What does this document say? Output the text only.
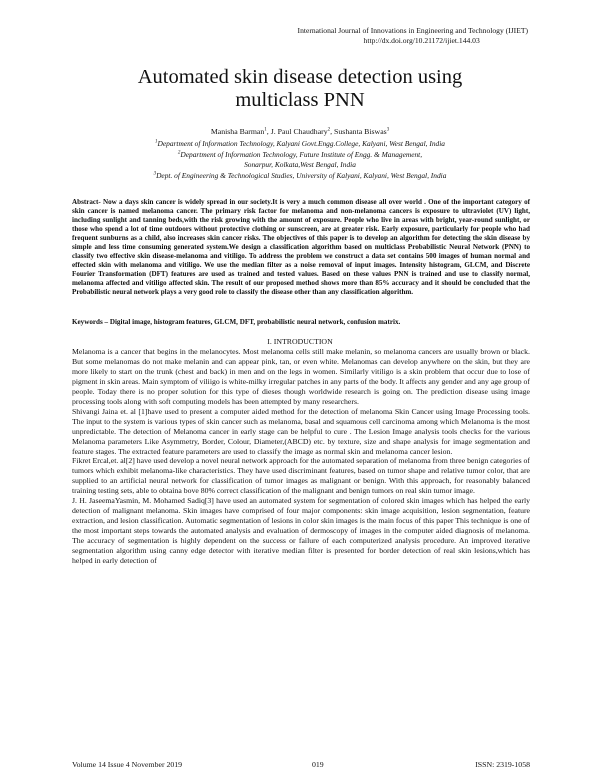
International Journal of Innovations in Engineering and Technology (IJIET)
http://dx.doi.org/10.21172/ijiet.144.03
Automated skin disease detection using
multiclass PNN
Manisha Barman$^1$, J. Paul Chaudhary$^2$, Sushanta Biswas$^3$
$^1$Department of Information Technology, Kalyani Govt.Engg.College, Kalyani, West Bengal, India
$^2$Department of Information Technology, Future Institute of Engg. & Management,
Sonarpur, Kolkata,West Bengal, India
$^3$Dept. of Engineering & Technological Studies, University of Kalyani, Kalyani, West Bengal, India
Abstract- Now a days skin cancer is widely spread in our society.It is very a much common disease all over world . One of the important category of skin cancer is named melanoma cancer. The primary risk factor for melanoma and non-melanoma cancers is exposure to ultraviolet (UV) light, including sunlight and tanning beds,with the risk growing with the amount of exposure. People who live in areas with bright, year-round sunlight, or those who spend a lot of time outdoors without protective clothing or sunscreen, are at greater risk. Early exposure, particularly for people who had frequent sunburns as a child, also increases skin cancer risks. The objectives of this paper is to develop an algorithm for detecting the skin disease by simple and less time consuming generated system.We design a classification algorithm based on multiclass Probabilistic Neural Network (PNN) to classify two effective skin disease-melanoma and vitiligo. To address the problem we construct a data set contains 500 images of human normal and effected skin with melanoma and vitiligo. We use the median filter as a noise removal of input images. Intensity histogram, GLCM, and Discrete Fourier Transformation (DFT) features are used as trained and tested values. Based on these values PNN is trained and use to classify normal, melanoma affected and vitiligo affected skin. The result of our proposed method shows more than 85% accuracy and it should be concluded that the Probabilistic neural network plays a very good role to classify the disease other than any classification algorithm.
Keywords – Digital image, histogram features, GLCM, DFT, probabilistic neural network, confusion matrix.
I. INTRODUCTION

Melanoma is a cancer that begins in the melanocytes. Most melanoma cells still make melanin, so melanoma cancers are usually brown or black. But some melanomas do not make melanin and can appear pink, tan, or even white. Melanomas can develop anywhere on the skin, but they are more likely to start on the trunk (chest and back) in men and on the legs in women. Similarly vitiligo is a skin problem that occur due to lose of pigment in skin areas. Main symptom of viliigo is white-milky irregular patches in any parts of the body. It affects any gender and any age group of people. Today there is no proper solution for this type of dieses though worldwide research is going on. The prediction disease using image processing tools along with soft computing models has been attempted by many researchers.

Shivangi Jaina et. al [1]have used to present a computer aided method for the detection of melanoma Skin Cancer using Image Processing tools. The input to the system is various types of skin cancer such as melanoma, basal and squamous cell carcinoma among which Melanoma is the most unpredictable. The detection of Melanoma cancer in early stage can be helpful to cure . The Lesion Image analysis tools checks for the various Melanoma parameters Like Asymmetry, Border, Colour, Diameter,(ABCD) etc. by texture, size and shape analysis for image segmentation and feature stages. The extracted feature parameters are used to classify the image as normal skin and melanoma cancer lesion.

Fikret Ercal,et. al[2] have used develop a novel neural network approach for the automated separation of melanoma from three benign categories of tumors which exhibit melanoma-like characteristics. They have used discriminant features, based on tumor shape and relative tumor color, that are supplied to an artificial neural network for classification of tumor images as malignant or benign. With this approach, for reasonably balanced training testing sets, able to obtaina bove 80% correct classification of the malignant and benign tumors on real skin tumor image.

J. H. JaseemaYasmin, M. Mohamed Sadiq[3] have used an automated system for segmentation of colored skin images which has helped the early detection of malignant melanoma. Skin images have comprised of four major components: skin image acquisition, lesion segmentation, feature extraction, and lesion classification. Automatic segmentation of lesions in color skin images is the main focus of this paper This technique is one of the most important steps towards the automated analysis and evaluation of dermoscopy of images in the computer aided diagnosis of melanoma. The accuracy of segmentation is highly dependent on the success or failure of each computerized analysis procedure. An improved iterative segmentation algorithm using canny edge detector with iterative median filter is presented for border detection of real skin lesions,which has helped in early detection of

Volume 14 Issue 4 November 2019	019	ISSN: 2319-1058
